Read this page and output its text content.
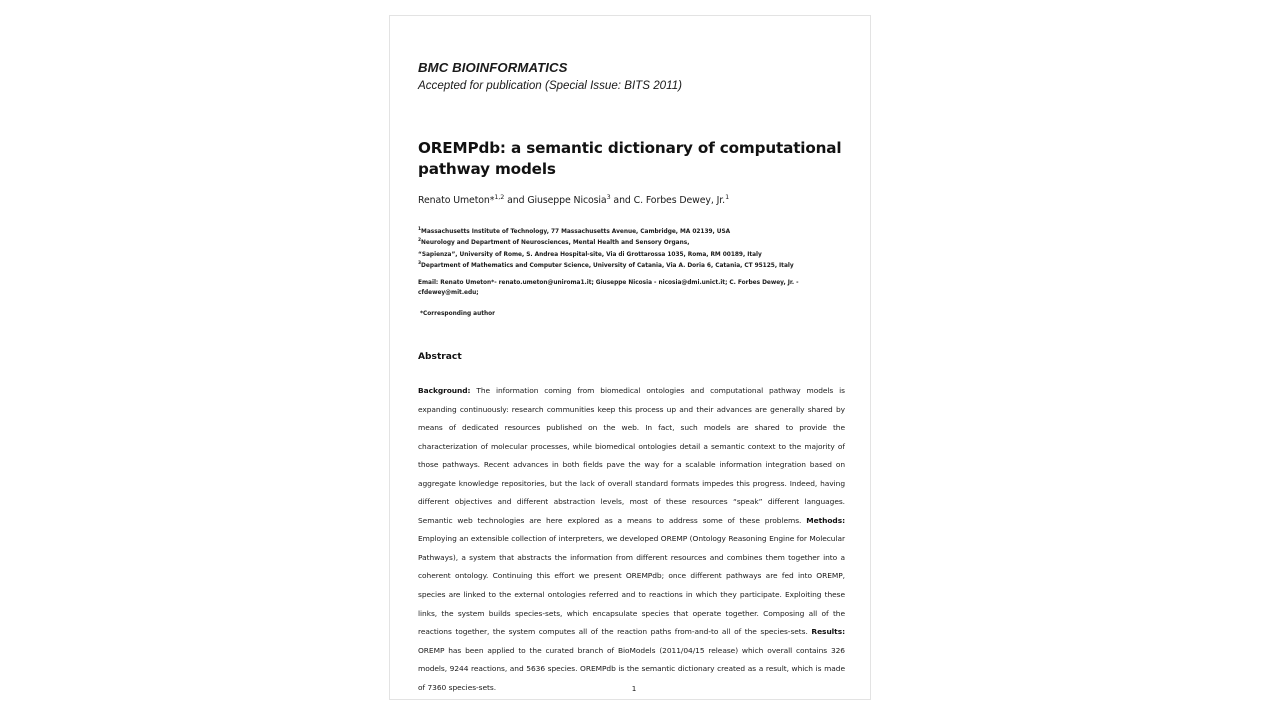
BMC BIOINFORMATICS
Accepted for publication (Special Issue: BITS 2011)
OREMPdb: a semantic dictionary of computational pathway models
Renato Umeton*$^{1,2}$ and Giuseppe Nicosia$^3$ and C. Forbes Dewey, Jr.$^1$
$^1$Massachusetts Institute of Technology, 77 Massachusetts Avenue, Cambridge, MA 02139, USA
$^2$Neurology and Department of Neurosciences, Mental Health and Sensory Organs,
“Sapienza”, University of Rome, S. Andrea Hospital-site, Via di Grottarossa 1035, Roma, RM 00189, Italy
$^3$Department of Mathematics and Computer Science, University of Catania, Via A. Doria 6, Catania, CT 95125, Italy
Email: Renato Umeton*- renato.umeton@uniroma1.it; Giuseppe Nicosia - nicosia@dmi.unict.it; C. Forbes Dewey, Jr. - cfdewey@mit.edu;
*Corresponding author
Abstract
Background: The information coming from biomedical ontologies and computational pathway models is expanding continuously: research communities keep this process up and their advances are generally shared by means of dedicated resources published on the web. In fact, such models are shared to provide the characterization of molecular processes, while biomedical ontologies detail a semantic context to the majority of those pathways. Recent advances in both fields pave the way for a scalable information integration based on aggregate knowledge repositories, but the lack of overall standard formats impedes this progress. Indeed, having different objectives and different abstraction levels, most of these resources “speak” different languages. Semantic web technologies are here explored as a means to address some of these problems. Methods: Employing an extensible collection of interpreters, we developed OREMP (Ontology Reasoning Engine for Molecular Pathways), a system that abstracts the information from different resources and combines them together into a coherent ontology. Continuing this effort we present OREMPdb; once different pathways are fed into OREMP, species are linked to the external ontologies referred and to reactions in which they participate. Exploiting these links, the system builds species-sets, which encapsulate species that operate together. Composing all of the reactions together, the system computes all of the reaction paths from-and-to all of the species-sets. Results: OREMP has been applied to the curated branch of BioModels (2011/04/15 release) which overall contains 326 models, 9244 reactions, and 5636 species. OREMPdb is the semantic dictionary created as a result, which is made of 7360 species-sets.	1
